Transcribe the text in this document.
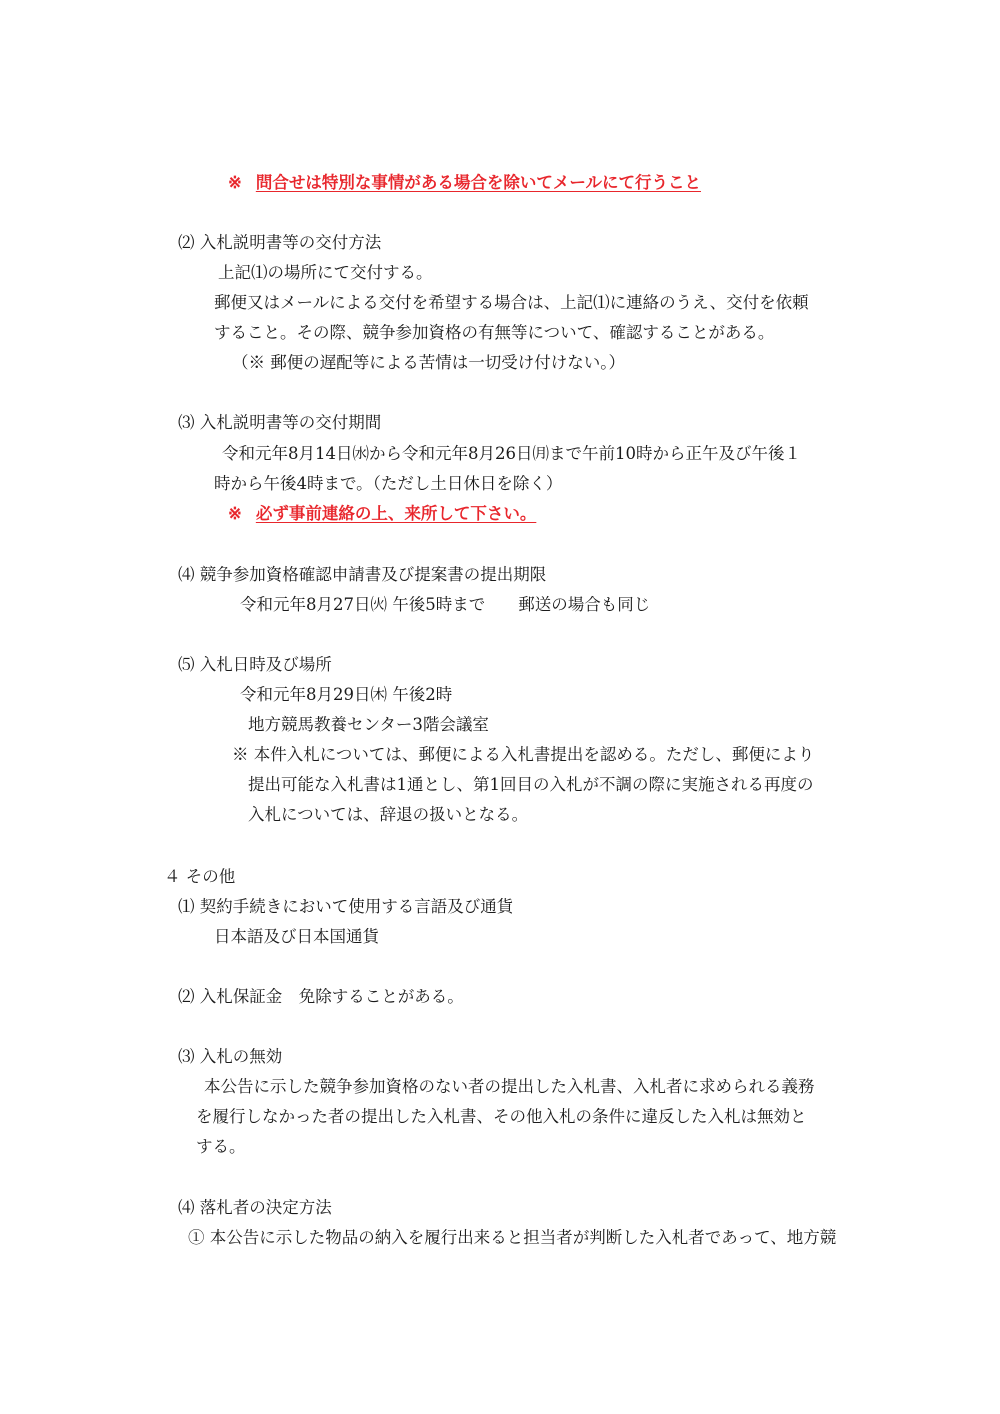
※ 問合せは特別な事情がある場合を除いてメールにて行うこと
⑵ 入札説明書等の交付方法
上記⑴の場所にて交付する。
郵便又はメールによる交付を希望する場合は、上記⑴に連絡のうえ、交付を依頼
すること。その際、競争参加資格の有無等について、確認することがある。
（※ 郵便の遅配等による苦情は一切受け付けない。）
⑶ 入札説明書等の交付期間
令和元年8月14日㈬から令和元年8月26日㈪まで午前10時から正午及び午後１
時から午後4時まで。（ただし土日休日を除く）
※ 必ず事前連絡の上、来所して下さい。
⑷ 競争参加資格確認申請書及び提案書の提出期限
令和元年8月27日㈫ 午後5時まで　　郵送の場合も同じ
⑸ 入札日時及び場所
令和元年8月29日㈭ 午後2時
地方競馬教養センター3階会議室
※ 本件入札については、郵便による入札書提出を認める。ただし、郵便により
提出可能な入札書は1通とし、第1回目の入札が不調の際に実施される再度の
入札については、辞退の扱いとなる。
４ その他
⑴ 契約手続きにおいて使用する言語及び通貨
日本語及び日本国通貨
⑵ 入札保証金　免除することがある。
⑶ 入札の無効
本公告に示した競争参加資格のない者の提出した入札書、入札者に求められる義務
を履行しなかった者の提出した入札書、その他入札の条件に違反した入札は無効と
する。
⑷ 落札者の決定方法
① 本公告に示した物品の納入を履行出来ると担当者が判断した入札者であって、地方競
